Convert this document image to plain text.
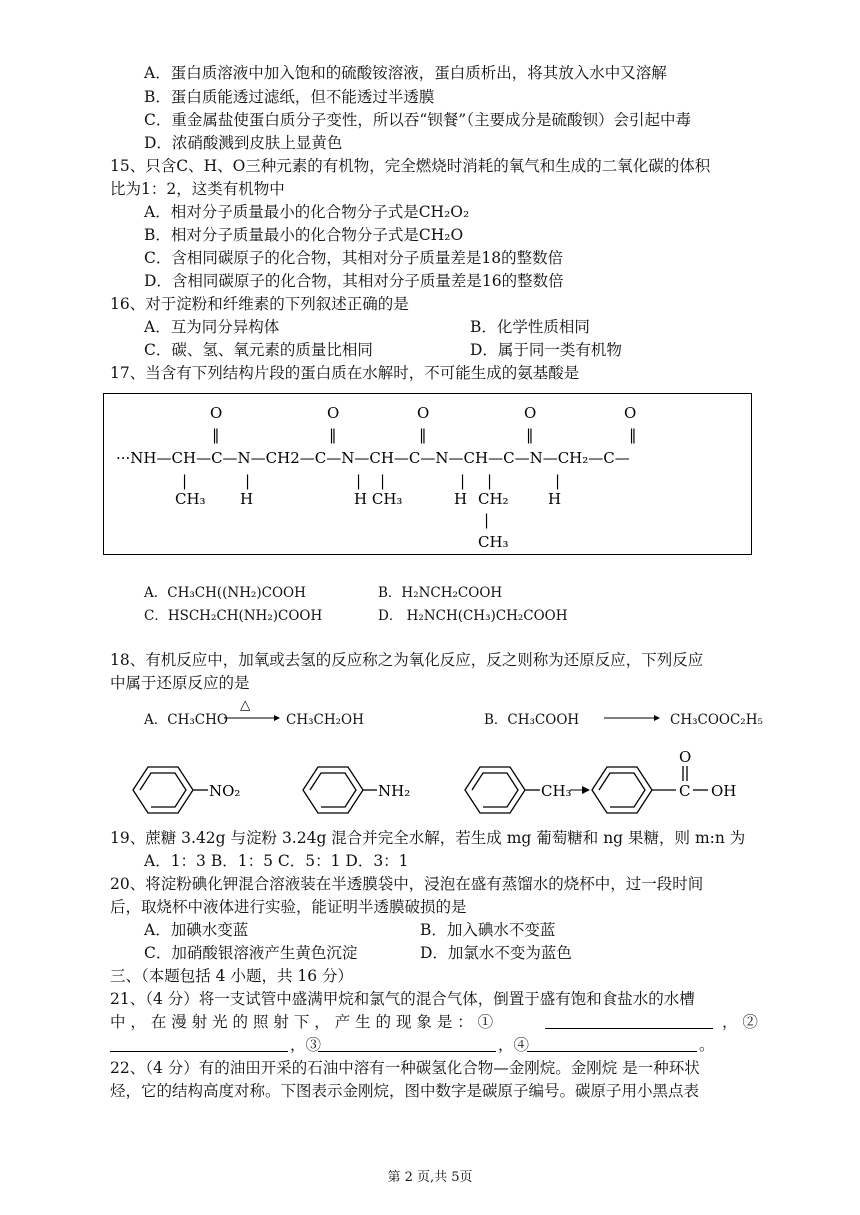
A．蛋白质溶液中加入饱和的硫酸铵溶液，蛋白质析出，将其放入水中又溶解
B．蛋白质能透过滤纸，但不能透过半透膜
C．重金属盐使蛋白质分子变性，所以吞“钡餐”（主要成分是硫酸钡）会引起中毒
D．浓硝酸溅到皮肤上显黄色
15、只含C、H、O三种元素的有机物，完全燃烧时消耗的氧气和生成的二氧化碳的体积
比为1：2，这类有机物中
A．相对分子质量最小的化合物分子式是CH₂O₂
B．相对分子质量最小的化合物分子式是CH₂O
C．含相同碳原子的化合物，其相对分子质量差是18的整数倍
D．含相同碳原子的化合物，其相对分子质量差是16的整数倍
16、对于淀粉和纤维素的下列叙述正确的是
A．互为同分异构体	B．化学性质相同
C．碳、氢、氧元素的质量比相同	D．属于同一类有机物
17、当含有下列结构片段的蛋白质在水解时，不可能生成的氨基酸是
O	O	O	O	O
‖	‖	‖	‖	‖
···NH—CH—C—N—CH2—C—N—CH—C—N—CH—C—N—CH₂—C—
|	|	| |	| |	|
CH₃ H	H CH₃	H CH₂	H
|
CH₃
A．CH₃CH((NH₂)COOH	B．H₂NCH₂COOH
C．HSCH₂CH(NH₂)COOH	D． H₂NCH(CH₃)CH₂COOH
18、有机反应中，加氧或去氢的反应称之为氧化反应，反之则称为还原反应，下列反应
中属于还原反应的是
A．CH₃CHO
△
CH₃CH₂OH	B．CH₃COOH	CH₃COOC₂H₅
NO₂	NH₂	CH₃
O
C OH
19、蔗糖 3.42g 与淀粉 3.24g 混合并完全水解，若生成 mg 葡萄糖和 ng 果糖，则 m:n 为
A．1：3 B．1：5 C．5：1 D．3：1
20、将淀粉碘化钾混合溶液装在半透膜袋中，浸泡在盛有蒸馏水的烧杯中，过一段时间
后，取烧杯中液体进行实验，能证明半透膜破损的是
A．加碘水变蓝	B．加入碘水不变蓝
C．加硝酸银溶液产生黄色沉淀	D．加氯水不变为蓝色
三、（本题包括 4 小题，共 16 分）
21、（4 分）将一支试管中盛满甲烷和氯气的混合气体，倒置于盛有饱和食盐水的水槽
中 ， 在 漫 射 光 的 照 射 下 ， 产 生 的 现 象 是 ： ①	， ②
，③	，④	。
22、（4 分）有的油田开采的石油中溶有一种碳氢化合物—金刚烷。金刚烷 是一种环状
烃，它的结构高度对称。下图表示金刚烷，图中数字是碳原子编号。碳原子用小黑点表
第 2 页,共 5页
